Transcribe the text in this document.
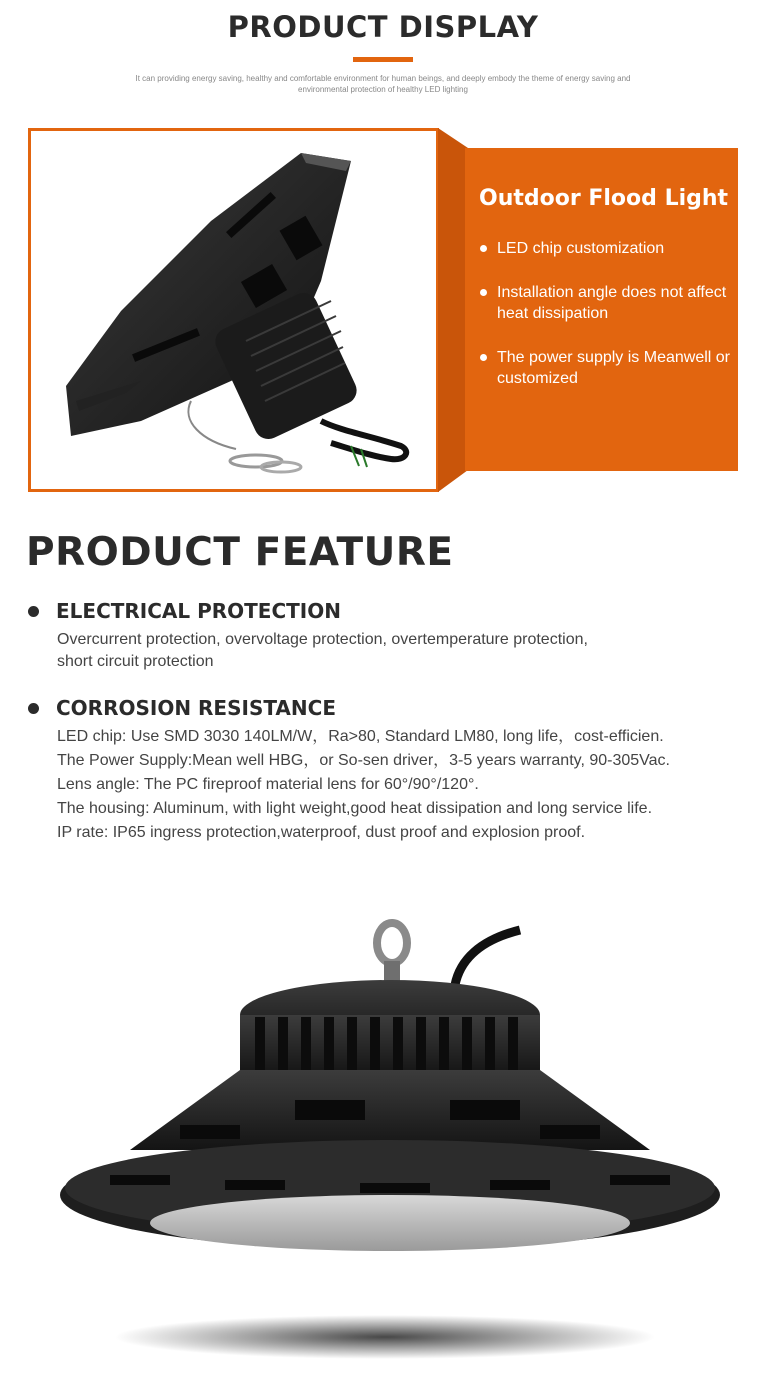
PRODUCT DISPLAY
It can providing energy saving, healthy and comfortable environment for human beings, and deeply embody the theme of energy saving and environmental protection of healthy LED lighting
Outdoor Flood Light
LED chip customization
Installation angle does not affect heat dissipation
The power supply is Meanwell or customized
PRODUCT FEATURE
ELECTRICAL PROTECTION

Overcurrent protection, overvoltage protection, overtemperature protection,

short circuit protection

CORROSION RESISTANCE

LED chip: Use SMD 3030 140LM/W，Ra>80, Standard LM80, long life，cost-efficien.

The Power Supply:Mean well HBG，or So-sen driver，3-5 years warranty, 90-305Vac.

Lens angle: The PC fireproof material lens for 60°/90°/120°.

The housing: Aluminum, with light weight,good heat dissipation and long service life.

IP rate: IP65 ingress protection,waterproof, dust proof and explosion proof.
